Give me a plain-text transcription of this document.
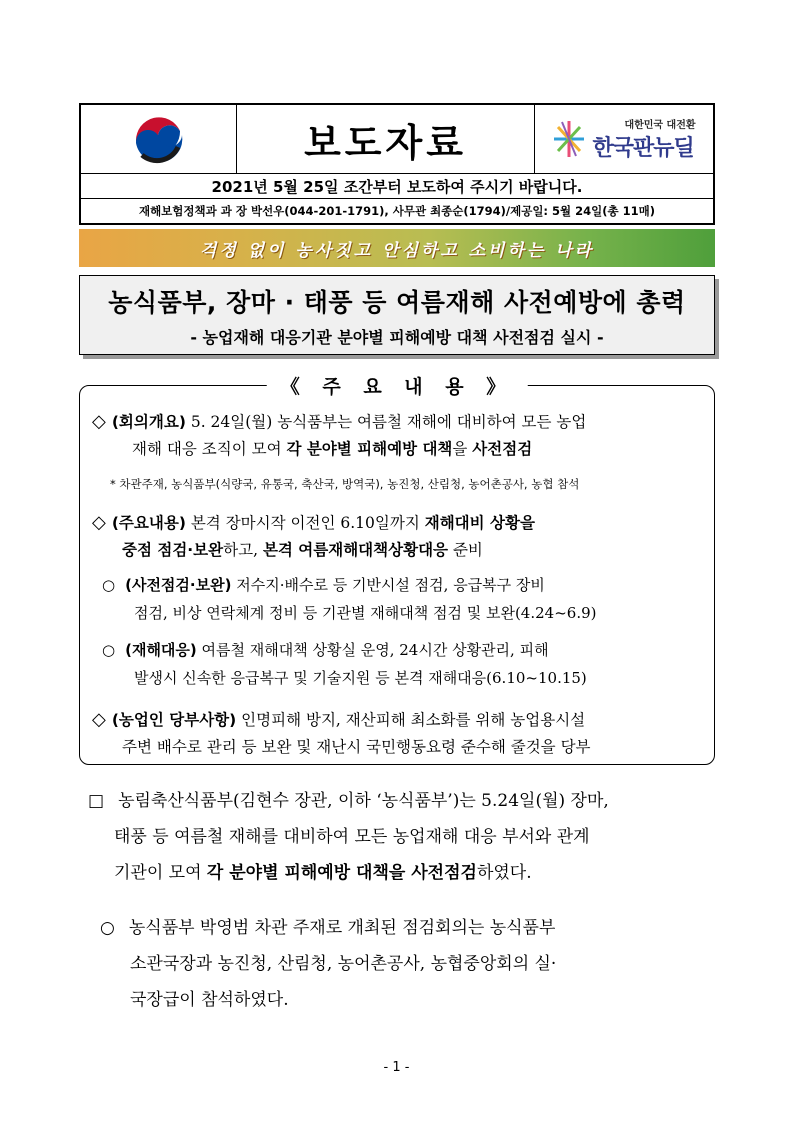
보도자료	대한민국 대전환
한국판뉴딜
2021년 5월 25일 조간부터 보도하여 주시기 바랍니다.
재해보험정책과 과 장 박선우(044-201-1791), 사무관 최종순(1794)/제공일: 5월 24일(총 11매)
걱정 없이 농사짓고 안심하고 소비하는 나라
농식품부, 장마 · 태풍 등 여름재해 사전예방에 총력
- 농업재해 대응기관 분야별 피해예방 대책 사전점검 실시 -
《 주 요 내 용 》
◇ (회의개요) 5. 24일(월) 농식품부는 여름철 재해에 대비하여 모든 농업
재해 대응 조직이 모여 각 분야별 피해예방 대책을 사전점검
* 차관주재, 농식품부(식량국, 유통국, 축산국, 방역국), 농진청, 산림청, 농어촌공사, 농협 참석
◇ (주요내용) 본격 장마시작 이전인 6.10일까지 재해대비 상황을
중점 점검·보완하고, 본격 여름재해대책상황대응 준비
○ (사전점검·보완) 저수지·배수로 등 기반시설 점검, 응급복구 장비
점검, 비상 연락체계 정비 등 기관별 재해대책 점검 및 보완(4.24~6.9)
○ (재해대응) 여름철 재해대책 상황실 운영, 24시간 상황관리, 피해
발생시 신속한 응급복구 및 기술지원 등 본격 재해대응(6.10~10.15)
◇ (농업인 당부사항) 인명피해 방지, 재산피해 최소화를 위해 농업용시설
주변 배수로 관리 등 보완 및 재난시 국민행동요령 준수해 줄것을 당부
□ 농림축산식품부(김현수 장관, 이하 ‘농식품부’)는 5.24일(월) 장마,
태풍 등 여름철 재해를 대비하여 모든 농업재해 대응 부서와 관계
기관이 모여 각 분야별 피해예방 대책을 사전점검하였다.
○ 농식품부 박영범 차관 주재로 개최된 점검회의는 농식품부
소관국장과 농진청, 산림청, 농어촌공사, 농협중앙회의 실·
국장급이 참석하였다.
- 1 -
